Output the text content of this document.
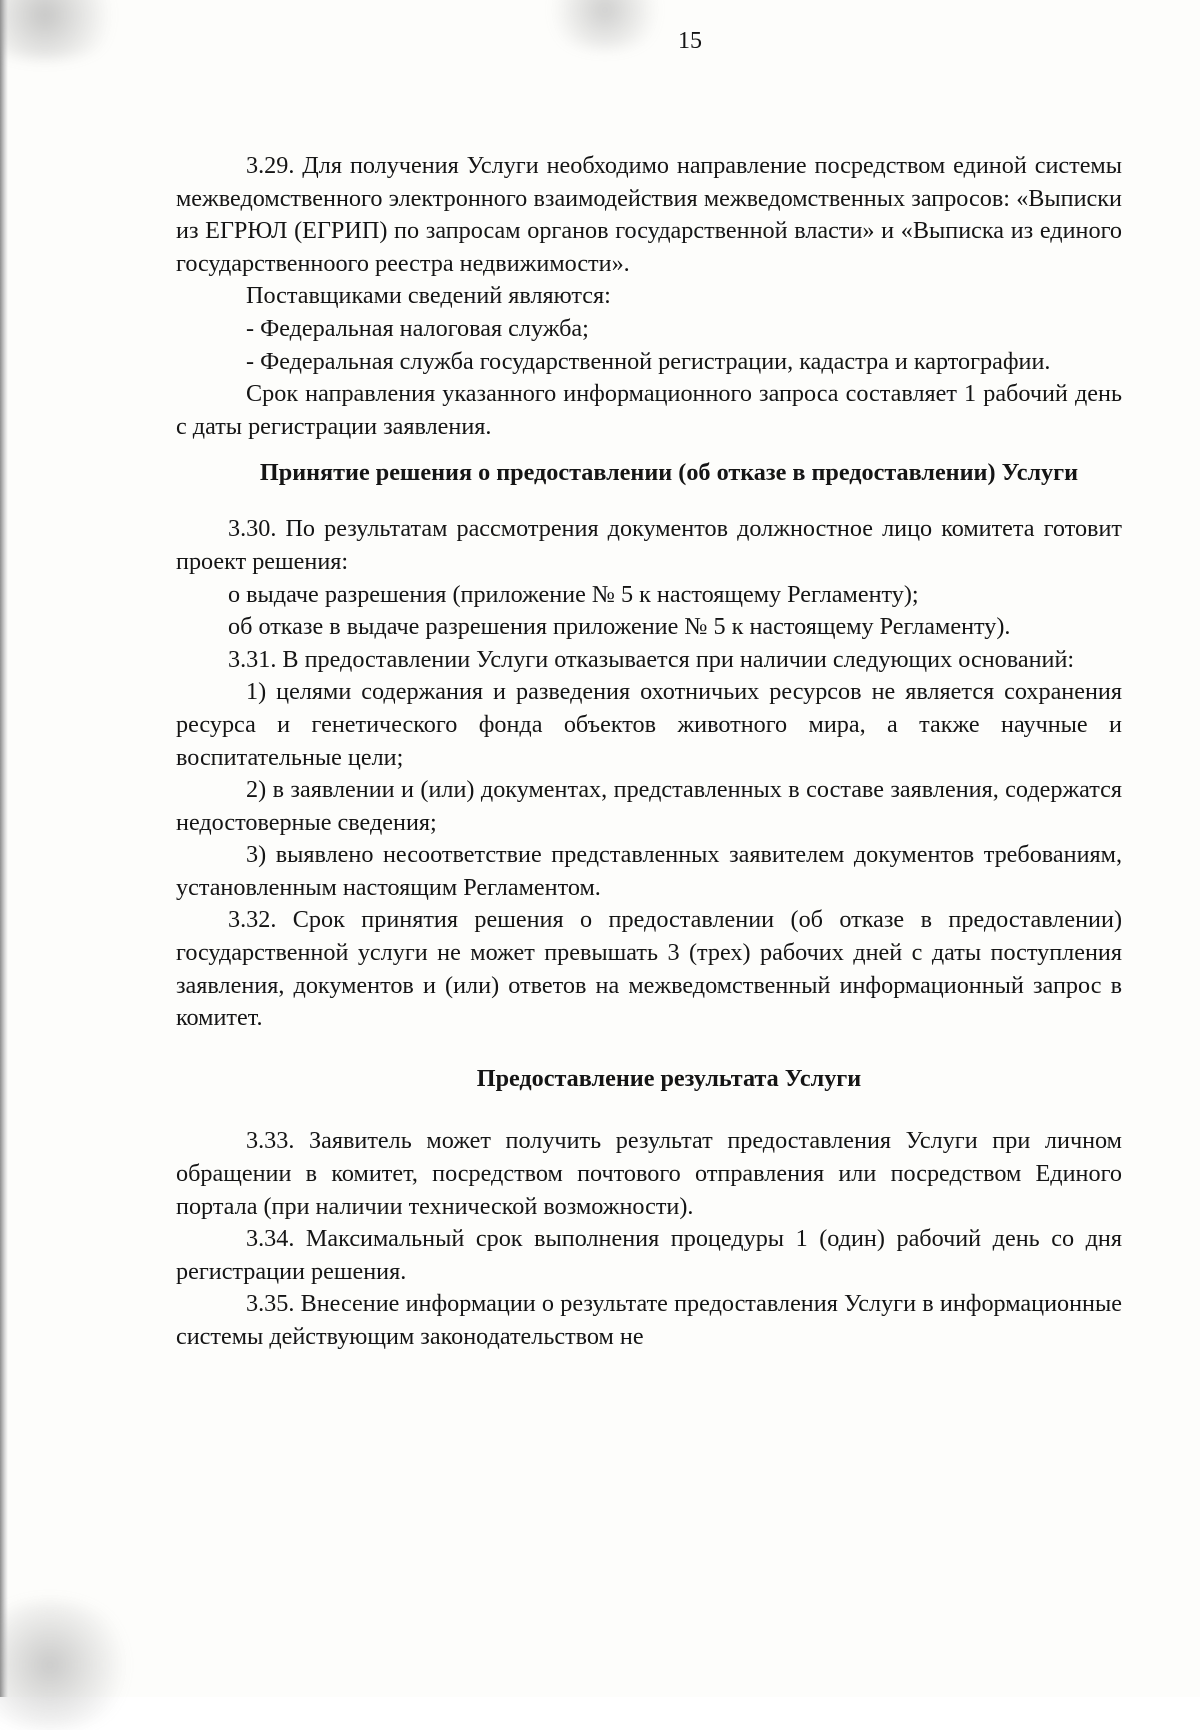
15

3.29. Для получения Услуги необходимо направление посредством единой системы межведомственного электронного взаимодействия межведомственных запросов: «Выписки из ЕГРЮЛ (ЕГРИП) по запросам органов государственной власти» и «Выписка из единого государственноого реестра недвижимости».

Поставщиками сведений являются:

- Федеральная налоговая служба;

- Федеральная служба государственной регистрации, кадастра и картографии.

Срок направления указанного информационного запроса составляет 1 рабочий день с даты регистрации заявления.

Принятие решения о предоставлении (об отказе в предоставлении) Услуги

3.30. По результатам рассмотрения документов должностное лицо комитета готовит проект решения:

о выдаче разрешения (приложение № 5 к настоящему Регламенту);

об отказе в выдаче разрешения приложение № 5 к настоящему Регламенту).

3.31. В предоставлении Услуги отказывается при наличии следующих оснований:

1) целями содержания и разведения охотничьих ресурсов не является сохранения ресурса и генетического фонда объектов животного мира, а также научные и воспитательные цели;

2) в заявлении и (или) документах, представленных в составе заявления, содержатся недостоверные сведения;

3) выявлено несоответствие представленных заявителем документов требованиям, установленным настоящим Регламентом.

3.32. Срок принятия решения о предоставлении (об отказе в предоставлении) государственной услуги не может превышать 3 (трех) рабочих дней с даты поступления заявления, документов и (или) ответов на межведомственный информационный запрос в комитет.

Предоставление результата Услуги

3.33. Заявитель может получить результат предоставления Услуги при личном обращении в комитет, посредством почтового отправления или посредством Единого портала (при наличии технической возможности).

3.34. Максимальный срок выполнения процедуры 1 (один) рабочий день со дня регистрации решения.

3.35. Внесение информации о результате предоставления Услуги в информационные системы действующим законодательством не
